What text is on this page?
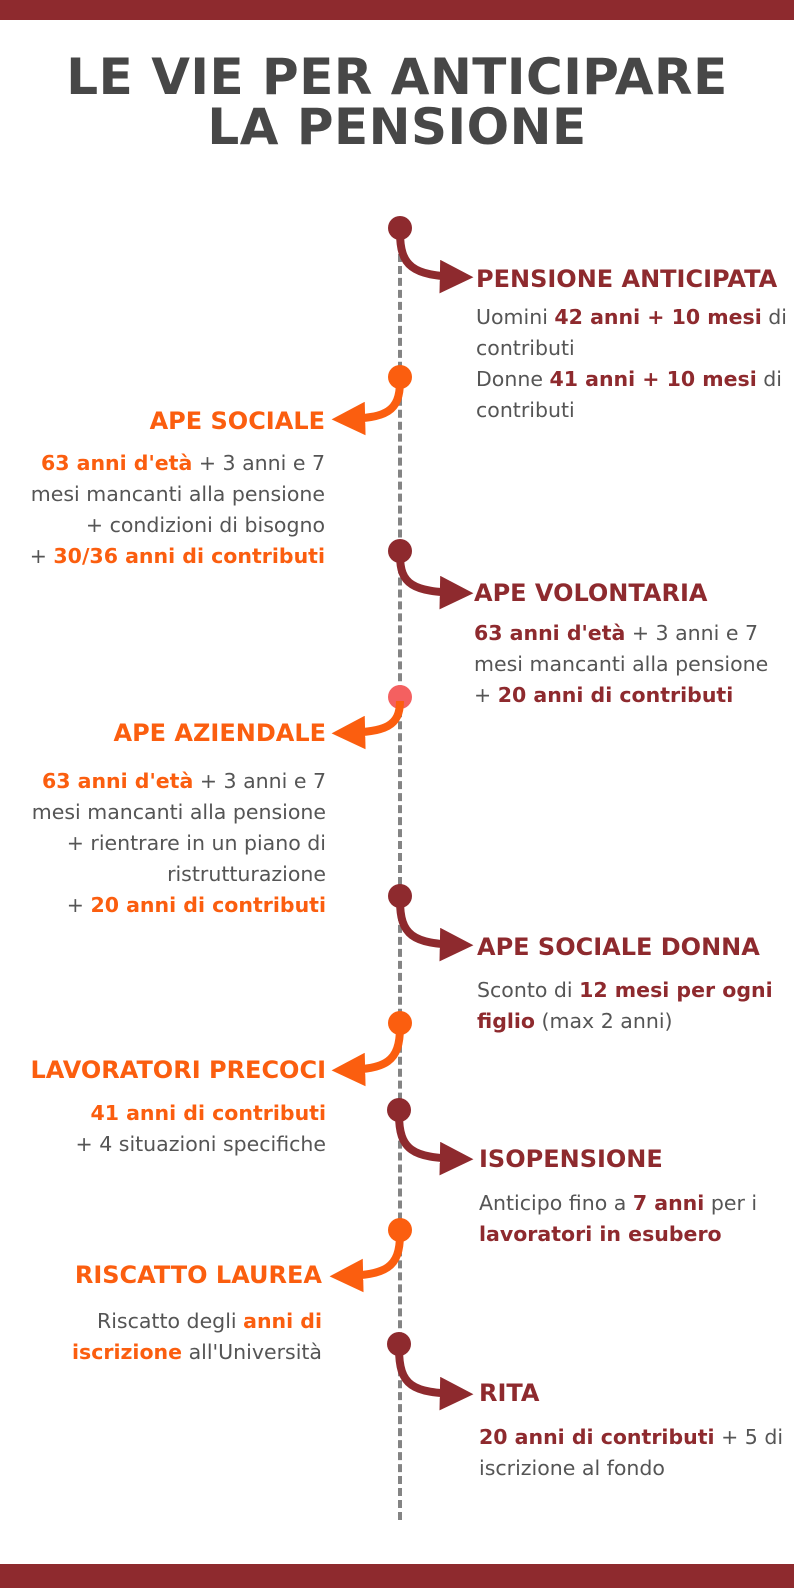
LE VIE PER ANTICIPARE
LA PENSIONE
PENSIONE ANTICIPATA
Uomini 42 anni + 10 mesi di
contributi
Donne 41 anni + 10 mesi di
contributi
APE SOCIALE
63 anni d'età + 3 anni e 7
mesi mancanti alla pensione
+ condizioni di bisogno
+ 30/36 anni di contributi
APE VOLONTARIA
63 anni d'età + 3 anni e 7
mesi mancanti alla pensione
+ 20 anni di contributi
APE AZIENDALE
63 anni d'età + 3 anni e 7
mesi mancanti alla pensione
+ rientrare in un piano di
ristrutturazione
+ 20 anni di contributi
APE SOCIALE DONNA
Sconto di 12 mesi per ogni
figlio (max 2 anni)
LAVORATORI PRECOCI
41 anni di contributi
+ 4 situazioni specifiche
ISOPENSIONE
Anticipo fino a 7 anni per i
lavoratori in esubero
RISCATTO LAUREA
Riscatto degli anni di
iscrizione all'Università
RITA
20 anni di contributi + 5 di
iscrizione al fondo
